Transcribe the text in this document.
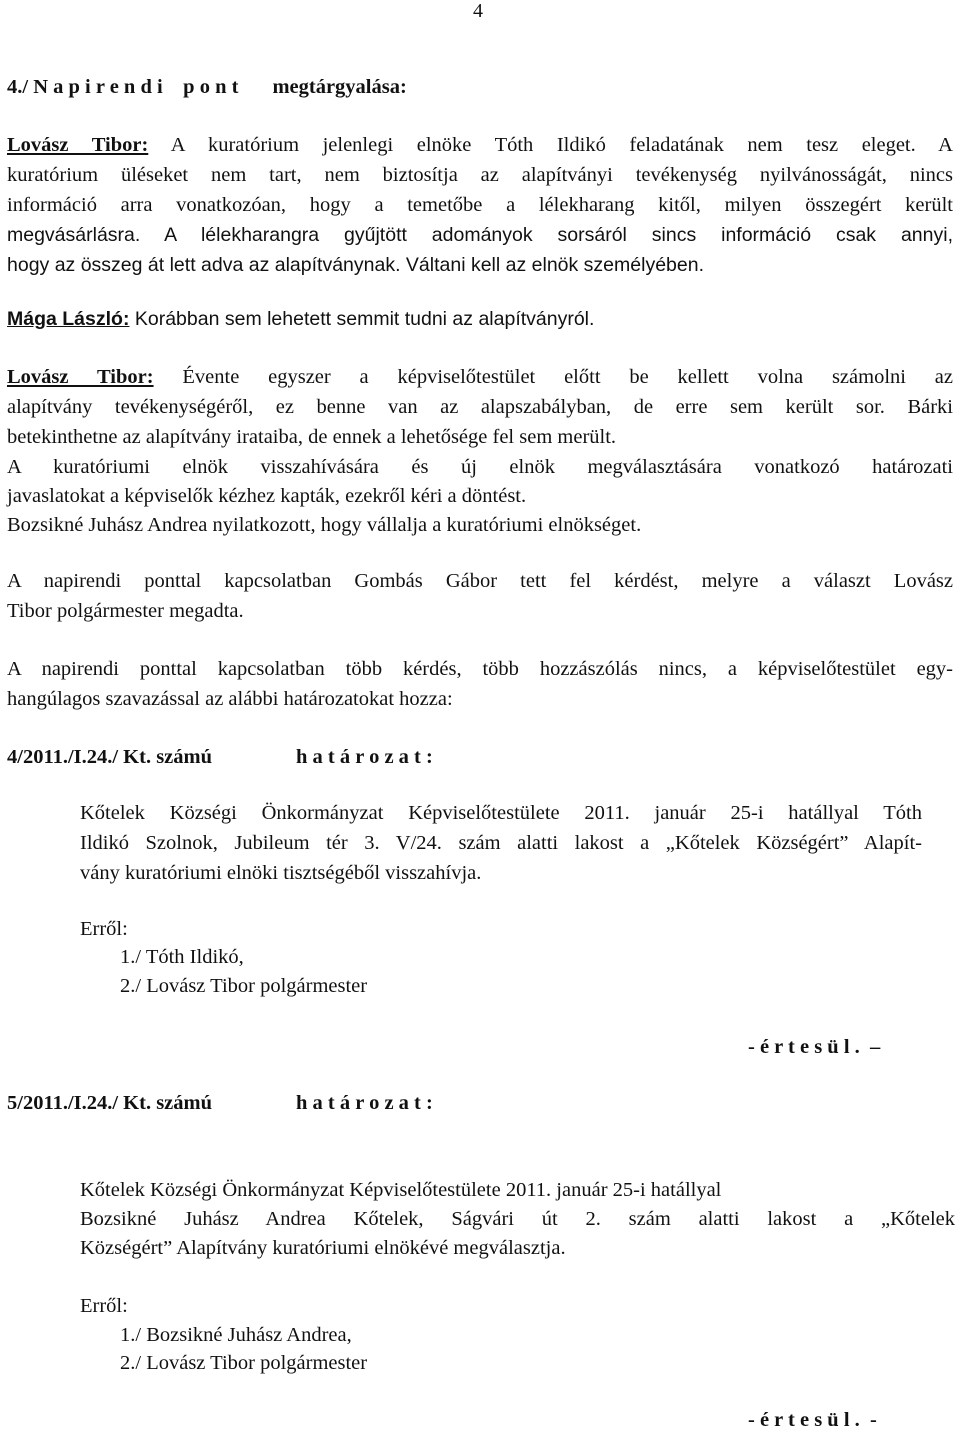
4
4./ N a p i r e n d i    p o n t megtárgyalása:
Lovász Tibor: A kuratórium jelenlegi elnöke Tóth Ildikó feladatának nem tesz eleget. A
kuratórium üléseket nem tart, nem biztosítja az alapítványi tevékenység nyilvánosságát, nincs
információ arra vonatkozóan, hogy a temetőbe a lélekharang kitől, milyen összegért került
megvásárlásra. A lélekharangra gyűjtött adományok sorsáról sincs információ csak annyi,
hogy az összeg át lett adva az alapítványnak. Váltani kell az elnök személyében.
Mága László: Korábban sem lehetett semmit tudni az alapítványról.
Lovász Tibor: Évente egyszer a képviselőtestület előtt be kellett volna számolni az
alapítvány tevékenységéről, ez benne van az alapszabályban, de erre sem került sor. Bárki
betekinthetne az alapítvány irataiba, de ennek a lehetősége fel sem merült.
A kuratóriumi elnök visszahívására és új elnök megválasztására vonatkozó határozati
javaslatokat a képviselők kézhez kapták, ezekről kéri a döntést.
Bozsikné Juhász Andrea nyilatkozott, hogy vállalja a kuratóriumi elnökséget.
A napirendi ponttal kapcsolatban Gombás Gábor tett fel kérdést, melyre a választ Lovász
Tibor polgármester megadta.
A napirendi ponttal kapcsolatban több kérdés, több hozzászólás nincs, a képviselőtestület egy-
hangúlagos szavazással az alábbi határozatokat hozza:
4/2011./I.24./ Kt. számú	h a t á r o z a t :
Kőtelek Községi Önkormányzat Képviselőtestülete 2011. január 25-i hatállyal Tóth
Ildikó Szolnok, Jubileum tér 3. V/24. szám alatti lakost a „Kőtelek Községért” Alapít-
vány kuratóriumi elnöki tisztségéből visszahívja.
Erről:
1./ Tóth Ildikó,
2./ Lovász Tibor polgármester
- é r t e s ü l .  –
5/2011./I.24./ Kt. számú	h a t á r o z a t :
Kőtelek Községi Önkormányzat Képviselőtestülete 2011. január 25-i hatállyal
Bozsikné Juhász Andrea Kőtelek, Ságvári út 2. szám alatti lakost a „Kőtelek
Községért” Alapítvány kuratóriumi elnökévé megválasztja.
Erről:
1./ Bozsikné Juhász Andrea,
2./ Lovász Tibor polgármester
- é r t e s ü l .  -
